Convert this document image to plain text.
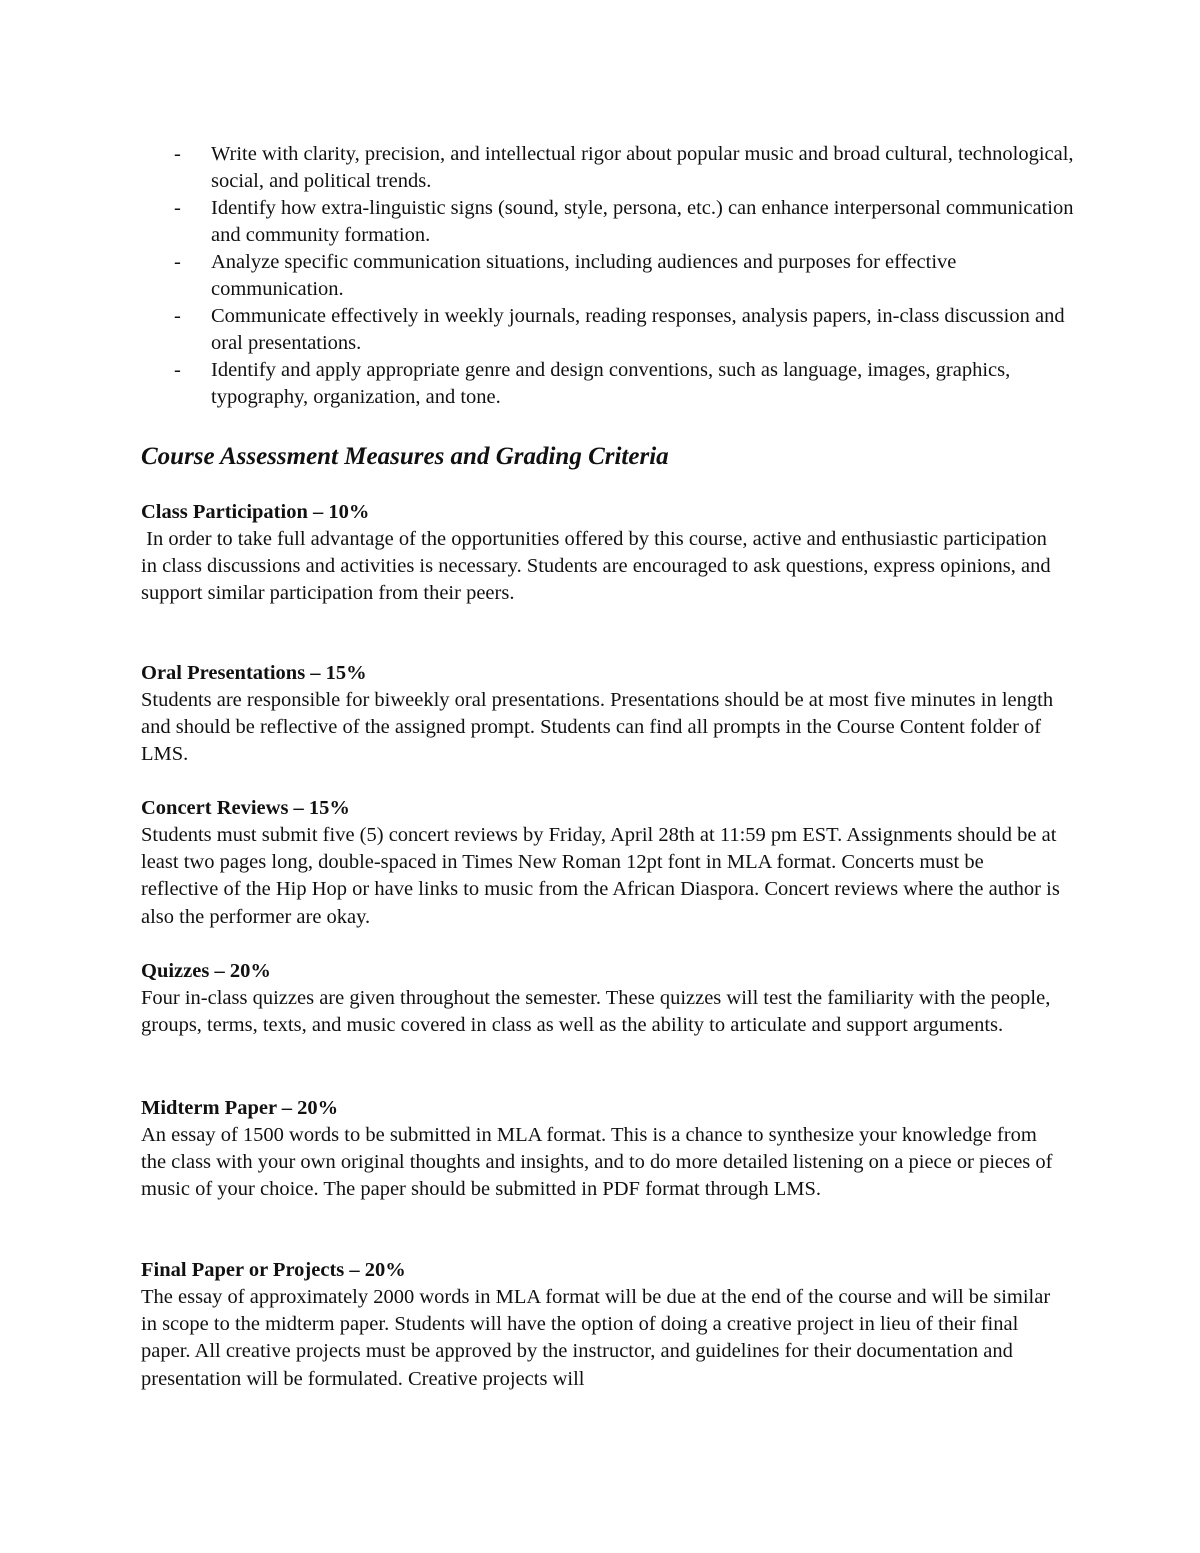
- Write with clarity, precision, and intellectual rigor about popular music and broad cultural, technological, social, and political trends.
- Identify how extra-linguistic signs (sound, style, persona, etc.) can enhance interpersonal communication and community formation.
- Analyze specific communication situations, including audiences and purposes for effective communication.
- Communicate effectively in weekly journals, reading responses, analysis papers, in-class discussion and oral presentations.
- Identify and apply appropriate genre and design conventions, such as language, images, graphics, typography, organization, and tone.
Course Assessment Measures and Grading Criteria
Class Participation – 10%

In order to take full advantage of the opportunities offered by this course, active and enthusiastic participation in class discussions and activities is necessary. Students are encouraged to ask questions, express opinions, and support similar participation from their peers.

Oral Presentations – 15%

Students are responsible for biweekly oral presentations. Presentations should be at most five minutes in length and should be reflective of the assigned prompt. Students can find all prompts in the Course Content folder of LMS.

Concert Reviews – 15%

Students must submit five (5) concert reviews by Friday, April 28th at 11:59 pm EST. Assignments should be at least two pages long, double-spaced in Times New Roman 12pt font in MLA format. Concerts must be reflective of the Hip Hop or have links to music from the African Diaspora. Concert reviews where the author is also the performer are okay.

Quizzes – 20%

Four in-class quizzes are given throughout the semester. These quizzes will test the familiarity with the people, groups, terms, texts, and music covered in class as well as the ability to articulate and support arguments.

Midterm Paper – 20%

An essay of 1500 words to be submitted in MLA format. This is a chance to synthesize your knowledge from the class with your own original thoughts and insights, and to do more detailed listening on a piece or pieces of music of your choice. The paper should be submitted in PDF format through LMS.

Final Paper or Projects – 20%

The essay of approximately 2000 words in MLA format will be due at the end of the course and will be similar in scope to the midterm paper. Students will have the option of doing a creative project in lieu of their final paper. All creative projects must be approved by the instructor, and guidelines for their documentation and presentation will be formulated. Creative projects will
